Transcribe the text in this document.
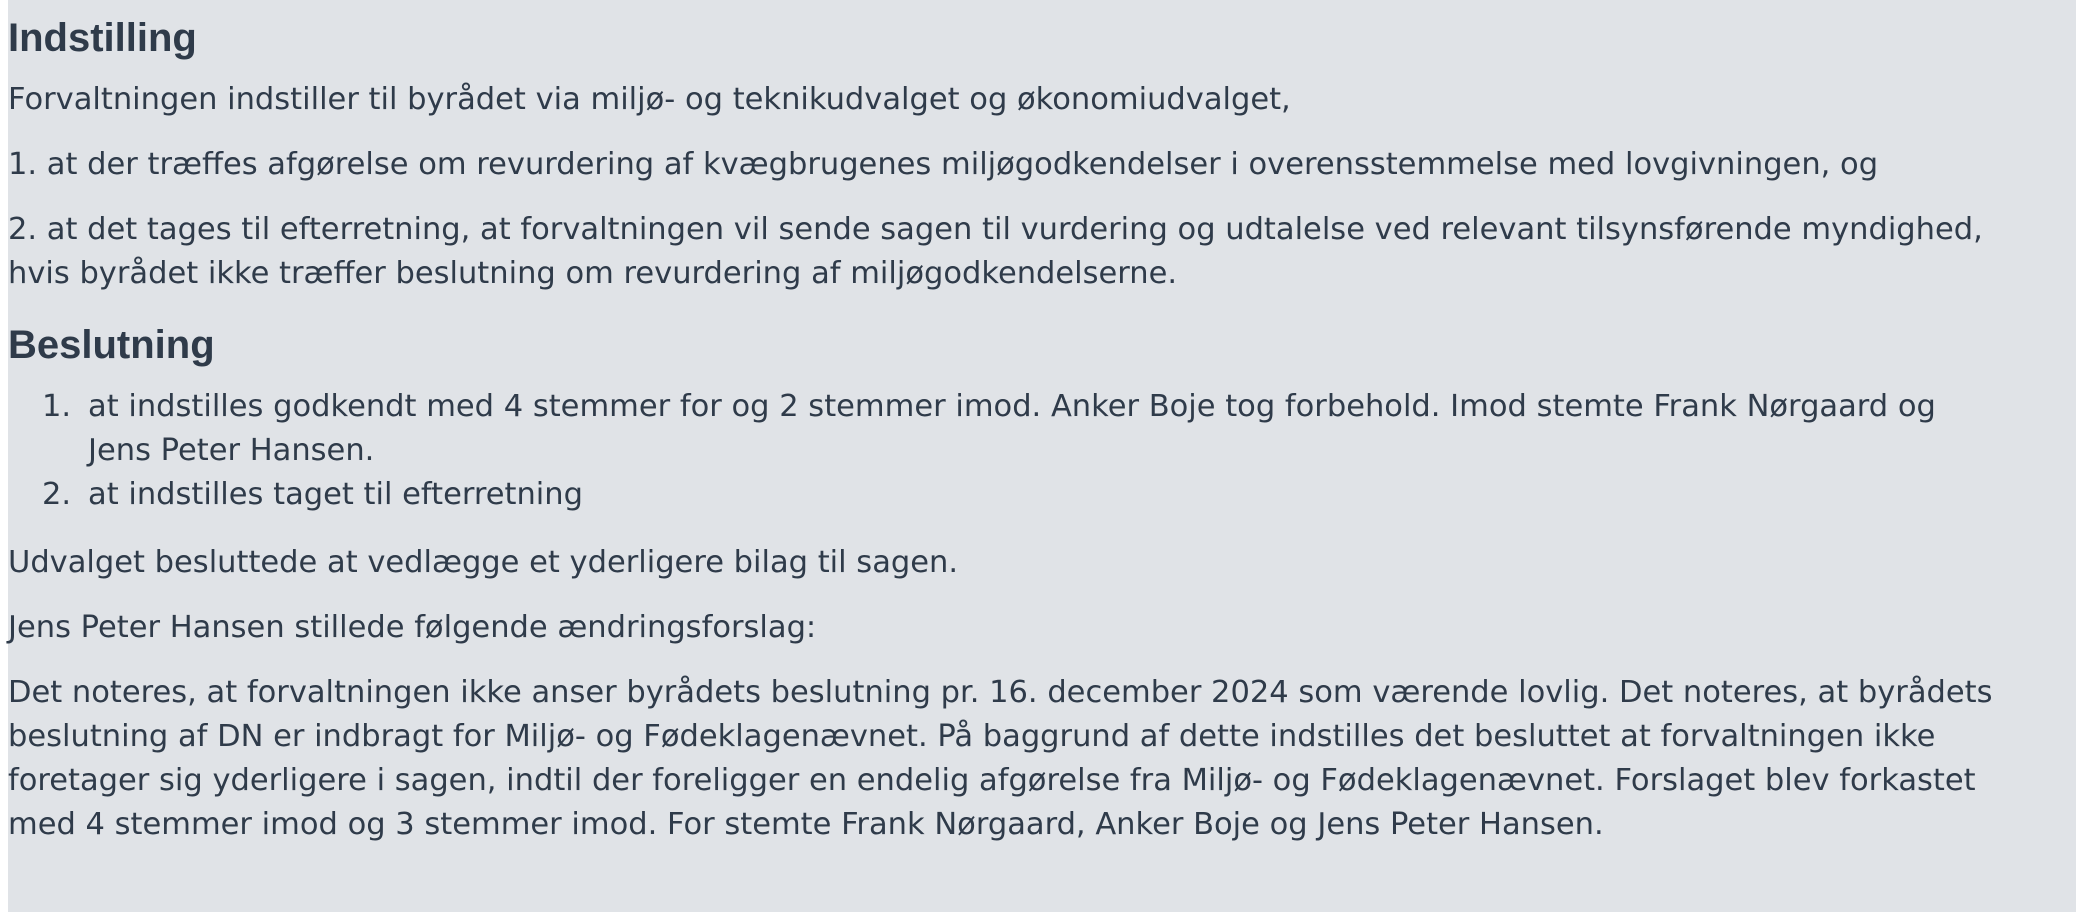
Indstilling

Forvaltningen indstiller til byrådet via miljø- og teknikudvalget og økonomiudvalget,

1. at der træffes afgørelse om revurdering af kvægbrugenes miljøgodkendelser i overensstemmelse med lovgivningen, og

2. at det tages til efterretning, at forvaltningen vil sende sagen til vurdering og udtalelse ved relevant tilsynsførende myndighed,
hvis byrådet ikke træffer beslutning om revurdering af miljøgodkendelserne.

Beslutning
1. at indstilles godkendt med 4 stemmer for og 2 stemmer imod. Anker Boje tog forbehold. Imod stemte Frank Nørgaard og
Jens Peter Hansen.
2. at indstilles taget til efterretning

Udvalget besluttede at vedlægge et yderligere bilag til sagen.

Jens Peter Hansen stillede følgende ændringsforslag:

Det noteres, at forvaltningen ikke anser byrådets beslutning pr. 16. december 2024 som værende lovlig. Det noteres, at byrådets
beslutning af DN er indbragt for Miljø- og Fødeklagenævnet. På baggrund af dette indstilles det besluttet at forvaltningen ikke
foretager sig yderligere i sagen, indtil der foreligger en endelig afgørelse fra Miljø- og Fødeklagenævnet. Forslaget blev forkastet
med 4 stemmer imod og 3 stemmer imod. For stemte Frank Nørgaard, Anker Boje og Jens Peter Hansen.
